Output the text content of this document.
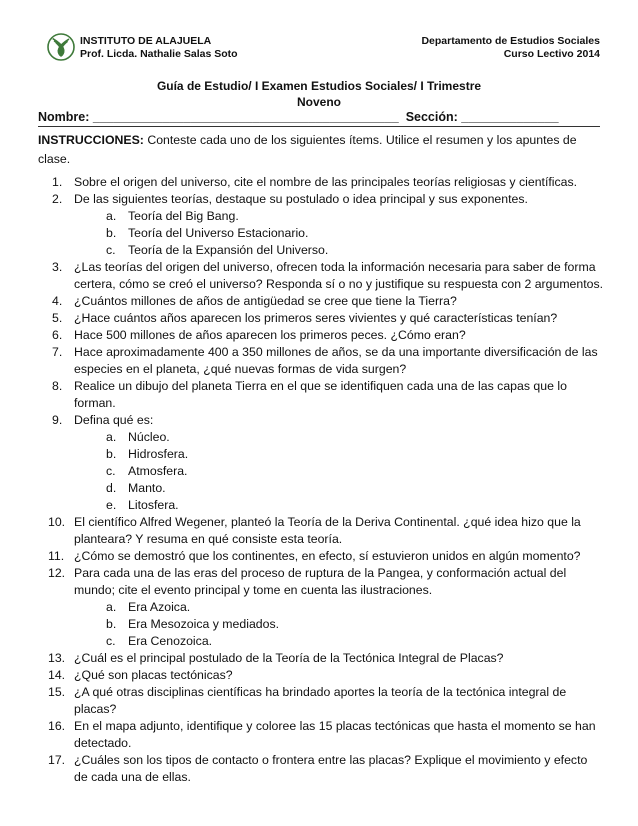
INSTITUTO DE ALAJUELA
Prof. Licda. Nathalie Salas Soto
Departamento de Estudios Sociales
Curso Lectivo 2014
Guía de Estudio/ I Examen Estudios Sociales/ I Trimestre
Noveno
Nombre: ____________________________________________  Sección: ______________
INSTRUCCIONES: Conteste cada uno de los siguientes ítems. Utilice el resumen y los apuntes de clase.
1. Sobre el origen del universo, cite el nombre de las principales teorías religiosas y científicas.
2. De las siguientes teorías, destaque su postulado o idea principal y sus exponentes.
a. Teoría del Big Bang.
b. Teoría del Universo Estacionario.
c.	Teoría de la Expansión del Universo.
3. ¿Las teorías del origen del universo, ofrecen toda la información necesaria para saber de forma certera, cómo se creó el universo? Responda sí o no y justifique su respuesta con 2 argumentos.
4. ¿Cuántos millones de años de antigüedad se cree que tiene la Tierra?
5. ¿Hace cuántos años aparecen los primeros seres vivientes y qué características tenían?
6. Hace 500 millones de años aparecen los primeros peces. ¿Cómo eran?
7. Hace aproximadamente 400 a 350 millones de años, se da una importante diversificación de las especies en el planeta, ¿qué nuevas formas de vida surgen?
8. Realice un dibujo del planeta Tierra en el que se identifiquen cada una de las capas que lo forman.
9. Defina qué es:
a. Núcleo.
b. Hidrosfera.
c.	Atmosfera.
d. Manto.
e. Litosfera.
10. El científico Alfred Wegener, planteó la Teoría de la Deriva Continental. ¿qué idea hizo que la planteara? Y resuma en qué consiste esta teoría.
11. ¿Cómo se demostró que los continentes, en efecto, sí estuvieron unidos en algún momento?
12. Para cada una de las eras del proceso de ruptura de la Pangea, y conformación actual del mundo; cite el evento principal y tome en cuenta las ilustraciones.
a. Era Azoica.
b. Era Mesozoica y mediados.
c.	Era Cenozoica.
13. ¿Cuál es el principal postulado de la Teoría de la Tectónica Integral de Placas?
14. ¿Qué son placas tectónicas?
15. ¿A qué otras disciplinas científicas ha brindado aportes la teoría de la tectónica integral de placas?
16. En el mapa adjunto, identifique y coloree las 15 placas tectónicas que hasta el momento se han detectado.
17. ¿Cuáles son los tipos de contacto o frontera entre las placas? Explique el movimiento y efecto de cada una de ellas.
